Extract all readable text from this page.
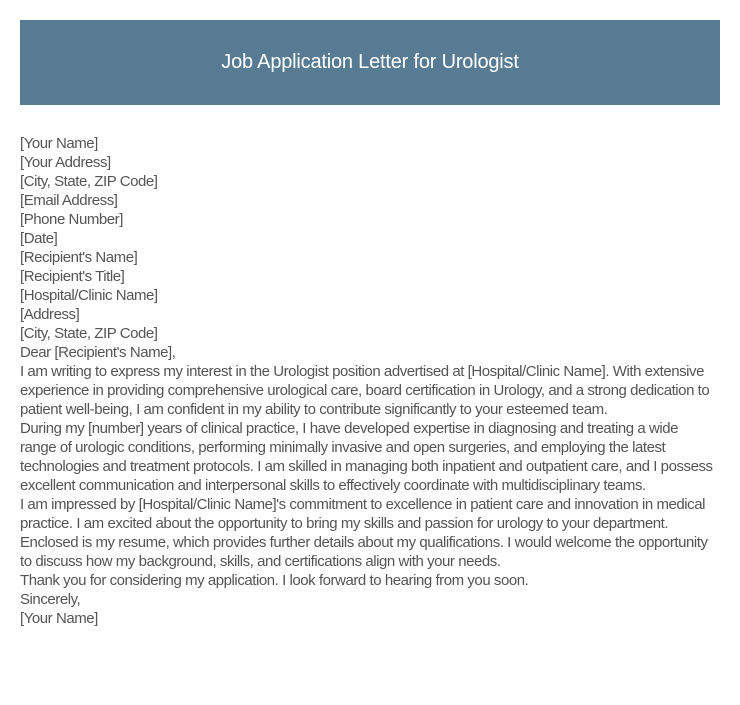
Job Application Letter for Urologist

[Your Name]

[Your Address]

[City, State, ZIP Code]

[Email Address]

[Phone Number]

[Date]

[Recipient's Name]

[Recipient's Title]

[Hospital/Clinic Name]

[Address]

[City, State, ZIP Code]

Dear [Recipient's Name],

I am writing to express my interest in the Urologist position advertised at [Hospital/Clinic Name]. With extensive experience in providing comprehensive urological care, board certification in Urology, and a strong dedication to patient well-being, I am confident in my ability to contribute significantly to your esteemed team.

During my [number] years of clinical practice, I have developed expertise in diagnosing and treating a wide range of urologic conditions, performing minimally invasive and open surgeries, and employing the latest technologies and treatment protocols. I am skilled in managing both inpatient and outpatient care, and I possess excellent communication and interpersonal skills to effectively coordinate with multidisciplinary teams.

I am impressed by [Hospital/Clinic Name]'s commitment to excellence in patient care and innovation in medical practice. I am excited about the opportunity to bring my skills and passion for urology to your department.

Enclosed is my resume, which provides further details about my qualifications. I would welcome the opportunity to discuss how my background, skills, and certifications align with your needs.

Thank you for considering my application. I look forward to hearing from you soon.

Sincerely,

[Your Name]
